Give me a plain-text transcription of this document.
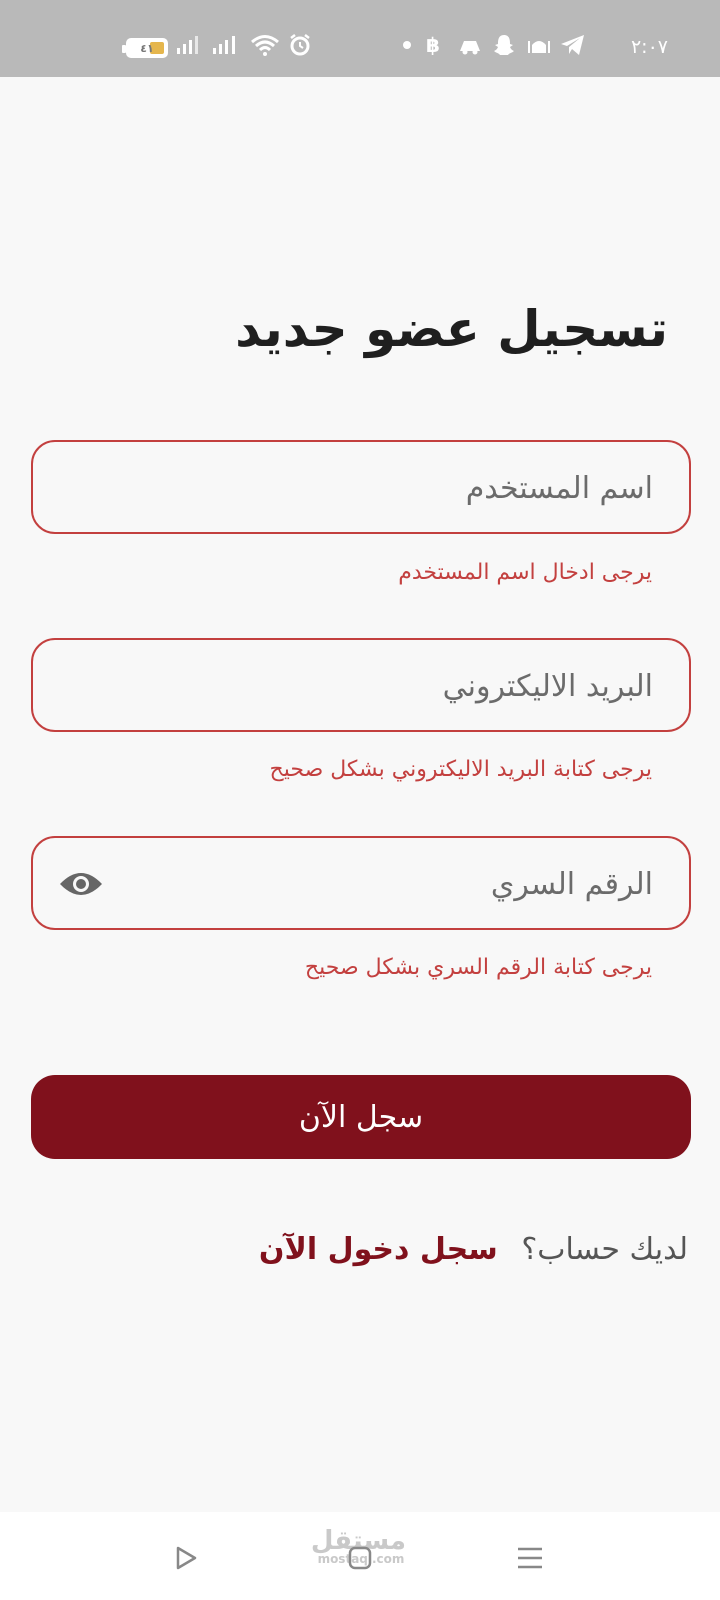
٤١	฿	٢:٠٧
تسجيل عضو جديد
اسم المستخدم
يرجى ادخال اسم المستخدم
البريد الاليكتروني
يرجى كتابة البريد الاليكتروني بشكل صحيح
يرجى كتابة الرقم السري بشكل صحيح
سجل الآن
لديك حساب؟ سجل دخول الآن
مستقل
mostaql.com
